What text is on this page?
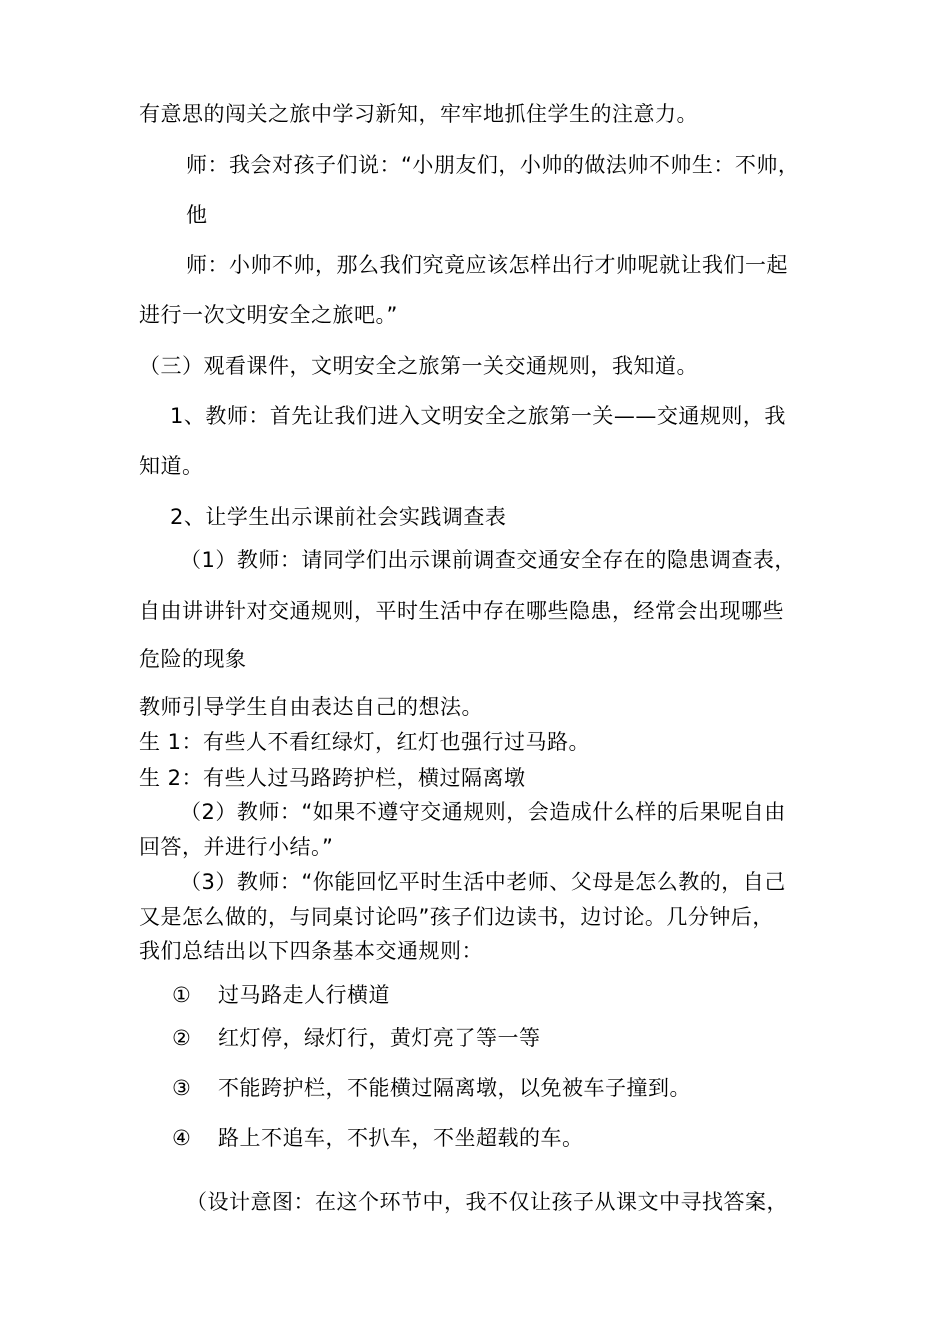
有意思的闯关之旅中学习新知，牢牢地抓住学生的注意力。
师：我会对孩子们说：“小朋友们，小帅的做法帅不帅生：不帅，
他
师：小帅不帅，那么我们究竟应该怎样出行才帅呢就让我们一起
进行一次文明安全之旅吧。”
（三）观看课件，文明安全之旅第一关交通规则，我知道。
1、教师：首先让我们进入文明安全之旅第一关——交通规则，我
知道。
2、让学生出示课前社会实践调查表
（1）教师：请同学们出示课前调查交通安全存在的隐患调查表，
自由讲讲针对交通规则，平时生活中存在哪些隐患，经常会出现哪些
危险的现象
教师引导学生自由表达自己的想法。
生 1：有些人不看红绿灯，红灯也强行过马路。
生 2：有些人过马路跨护栏，横过隔离墩
（2）教师：“如果不遵守交通规则，会造成什么样的后果呢自由
回答，并进行小结。”
（3）教师：“你能回忆平时生活中老师、父母是怎么教的，自己
又是怎么做的，与同桌讨论吗”孩子们边读书，边讨论。几分钟后，
我们总结出以下四条基本交通规则：
① 过马路走人行横道
② 红灯停，绿灯行，黄灯亮了等一等
③ 不能跨护栏，不能横过隔离墩，以免被车子撞到。
④ 路上不追车，不扒车，不坐超载的车。
（设计意图：在这个环节中，我不仅让孩子从课文中寻找答案，
